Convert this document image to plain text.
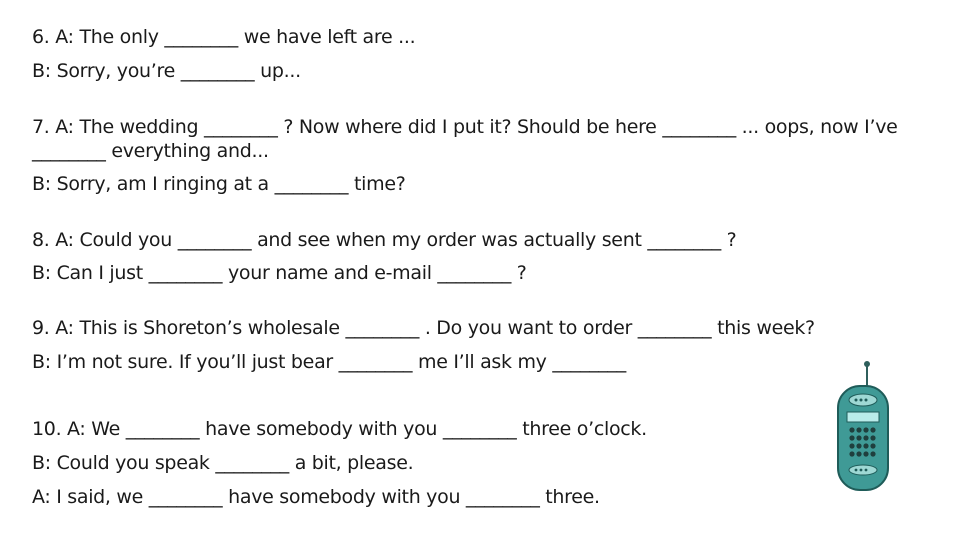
6. A: The only ________ we have left are ...
B: Sorry, you’re ________ up...
7. A: The wedding ________ ? Now where did I put it? Should be here ________ ... oops, now I’ve ________ everything and...
B: Sorry, am I ringing at a ________ time?
8. A: Could you ________ and see when my order was actually sent ________ ?
B: Can I just ________ your name and e-mail ________ ?
9. A: This is Shoreton’s wholesale ________ . Do you want to order ________ this week?
B: I’m not sure. If you’ll just bear ________ me I’ll ask my ________
10. A: We ________ have somebody with you ________ three o’clock.
B: Could you speak ________ a bit, please.
A: I said, we ________ have somebody with you ________ three.
